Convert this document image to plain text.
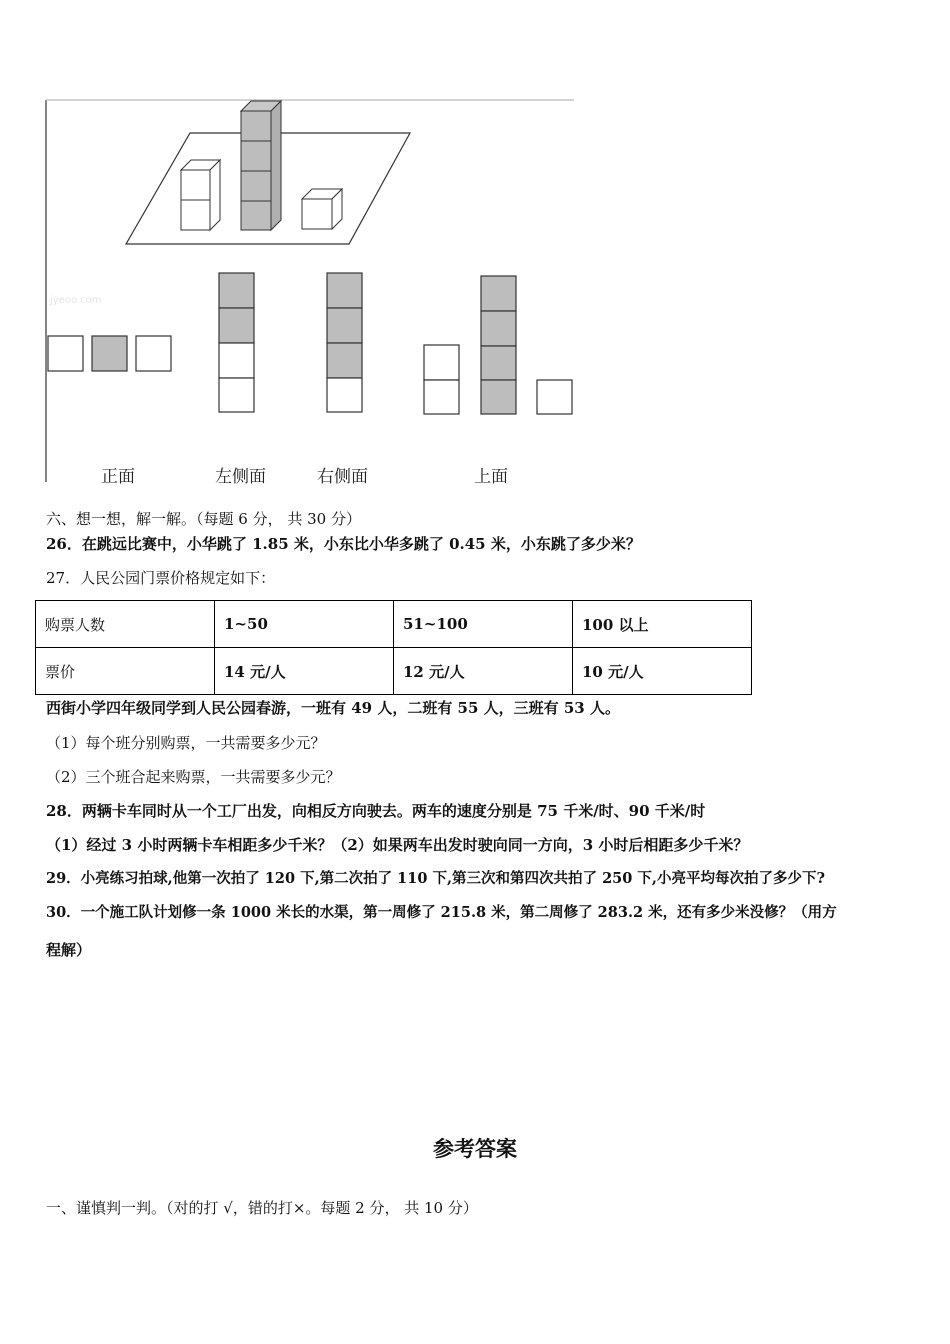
jyeoo.com
正面	左侧面	右侧面	上面
六、想一想，解一解。（每题 6 分， 共 30 分）
26．在跳远比赛中，小华跳了 1.85 米，小东比小华多跳了 0.45 米，小东跳了多少米？
27．人民公园门票价格规定如下：
购票人数	1~50	51~100	100 以上
票价	14 元/人	12 元/人	10 元/人
西街小学四年级同学到人民公园春游，一班有 49 人，二班有 55 人，三班有 53 人。
（1）每个班分别购票，一共需要多少元？
（2）三个班合起来购票，一共需要多少元？
28．两辆卡车同时从一个工厂出发，向相反方向驶去。两车的速度分别是 75 千米/时、90 千米/时
（1）经过 3 小时两辆卡车相距多少千米？（2）如果两车出发时驶向同一方向，3 小时后相距多少千米？
29．小亮练习拍球,他第一次拍了 120 下,第二次拍了 110 下,第三次和第四次共拍了 250 下,小亮平均每次拍了多少下?
30．一个施工队计划修一条 1000 米长的水渠，第一周修了 215.8 米，第二周修了 283.2 米，还有多少米没修？（用方
程解）
参考答案
一、谨慎判一判。（对的打 √，错的打×。每题 2 分， 共 10 分）
